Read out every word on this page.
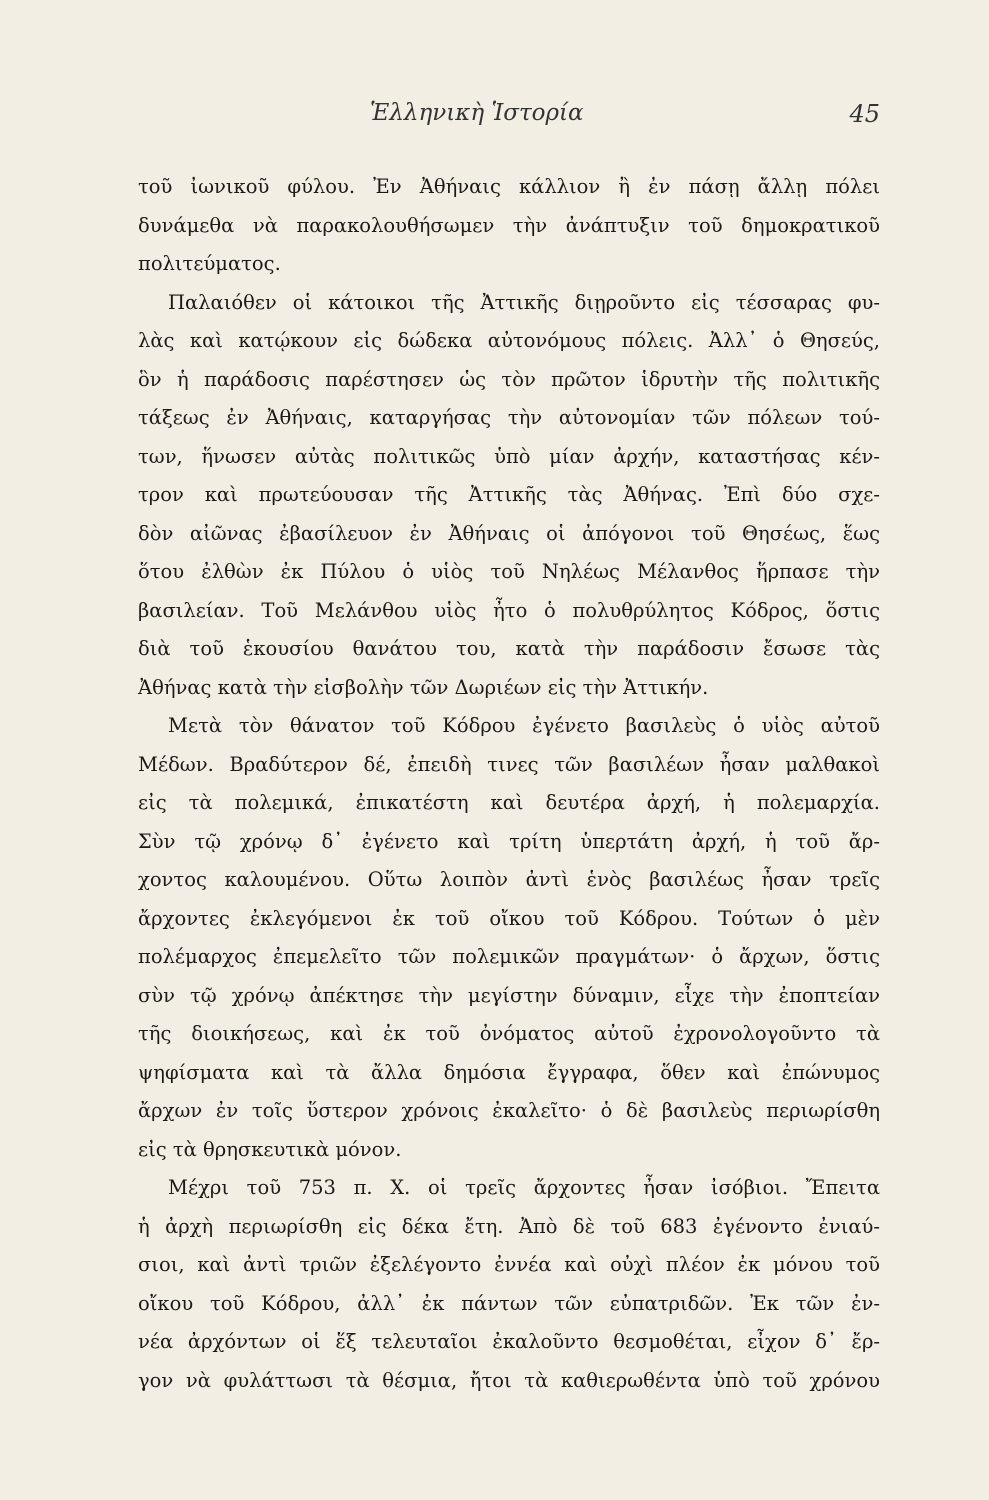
Ἑλληνικὴ Ἱστορία	45
τοῦ ἰωνικοῦ φύλου. Ἐν Ἀθήναις κάλλιον ἢ ἐν πάσῃ ἄλλῃ πόλει
δυνάμεθα νὰ παρακολουθήσωμεν τὴν ἀνάπτυξιν τοῦ δημοκρατικοῦ
πολιτεύματος.
Παλαιόθεν οἱ κάτοικοι τῆς Ἀττικῆς διῃροῦντο εἰς τέσσαρας φυ-
λὰς καὶ κατῴκουν εἰς δώδεκα αὐτονόμους πόλεις. Ἀλλ᾽ ὁ Θησεύς,
ὃν ἡ παράδοσις παρέστησεν ὡς τὸν πρῶτον ἱδρυτὴν τῆς πολιτικῆς
τάξεως ἐν Ἀθήναις, καταργήσας τὴν αὐτονομίαν τῶν πόλεων τού-
των, ἥνωσεν αὐτὰς πολιτικῶς ὑπὸ μίαν ἀρχήν, καταστήσας κέν-
τρον καὶ πρωτεύουσαν τῆς Ἀττικῆς τὰς Ἀθήνας. Ἐπὶ δύο σχε-
δὸν αἰῶνας ἐβασίλευον ἐν Ἀθήναις οἱ ἀπόγονοι τοῦ Θησέως, ἕως
ὅτου ἐλθὼν ἐκ Πύλου ὁ υἱὸς τοῦ Νηλέως Μέλανθος ἥρπασε τὴν
βασιλείαν. Τοῦ Μελάνθου υἱὸς ἦτο ὁ πολυθρύλητος Κόδρος, ὅστις
διὰ τοῦ ἑκουσίου θανάτου του, κατὰ τὴν παράδοσιν ἔσωσε τὰς
Ἀθήνας κατὰ τὴν εἰσβολὴν τῶν Δωριέων εἰς τὴν Ἀττικήν.
Μετὰ τὸν θάνατον τοῦ Κόδρου ἐγένετο βασιλεὺς ὁ υἱὸς αὐτοῦ
Μέδων. Βραδύτερον δέ, ἐπειδὴ τινες τῶν βασιλέων ἦσαν μαλθακοὶ
εἰς τὰ πολεμικά, ἐπικατέστη καὶ δευτέρα ἀρχή, ἡ πολεμαρχία.
Σὺν τῷ χρόνῳ δ᾽ ἐγένετο καὶ τρίτη ὑπερτάτη ἀρχή, ἡ τοῦ ἄρ-
χοντος καλουμένου. Οὕτω λοιπὸν ἀντὶ ἑνὸς βασιλέως ἦσαν τρεῖς
ἄρχοντες ἐκλεγόμενοι ἐκ τοῦ οἴκου τοῦ Κόδρου. Τούτων ὁ μὲν
πολέμαρχος ἐπεμελεῖτο τῶν πολεμικῶν πραγμάτων· ὁ ἄρχων, ὅστις
σὺν τῷ χρόνῳ ἀπέκτησε τὴν μεγίστην δύναμιν, εἶχε τὴν ἐποπτείαν
τῆς διοικήσεως, καὶ ἐκ τοῦ ὀνόματος αὐτοῦ ἐχρονολογοῦντο τὰ
ψηφίσματα καὶ τὰ ἄλλα δημόσια ἔγγραφα, ὅθεν καὶ ἐπώνυμος
ἄρχων ἐν τοῖς ὕστερον χρόνοις ἐκαλεῖτο· ὁ δὲ βασιλεὺς περιωρίσθη
εἰς τὰ θρησκευτικὰ μόνον.
Μέχρι τοῦ 753 π. Χ. οἱ τρεῖς ἄρχοντες ἦσαν ἰσόβιοι. Ἔπειτα
ἡ ἀρχὴ περιωρίσθη εἰς δέκα ἔτη. Ἀπὸ δὲ τοῦ 683 ἐγένοντο ἐνιαύ-
σιοι, καὶ ἀντὶ τριῶν ἐξελέγοντο ἐννέα καὶ οὐχὶ πλέον ἐκ μόνου τοῦ
οἴκου τοῦ Κόδρου, ἀλλ᾽ ἐκ πάντων τῶν εὐπατριδῶν. Ἐκ τῶν ἐν-
νέα ἀρχόντων οἱ ἕξ τελευταῖοι ἐκαλοῦντο θεσμοθέται, εἶχον δ᾽ ἔρ-
γον νὰ φυλάττωσι τὰ θέσμια, ἤτοι τὰ καθιερωθέντα ὑπὸ τοῦ χρόνου
